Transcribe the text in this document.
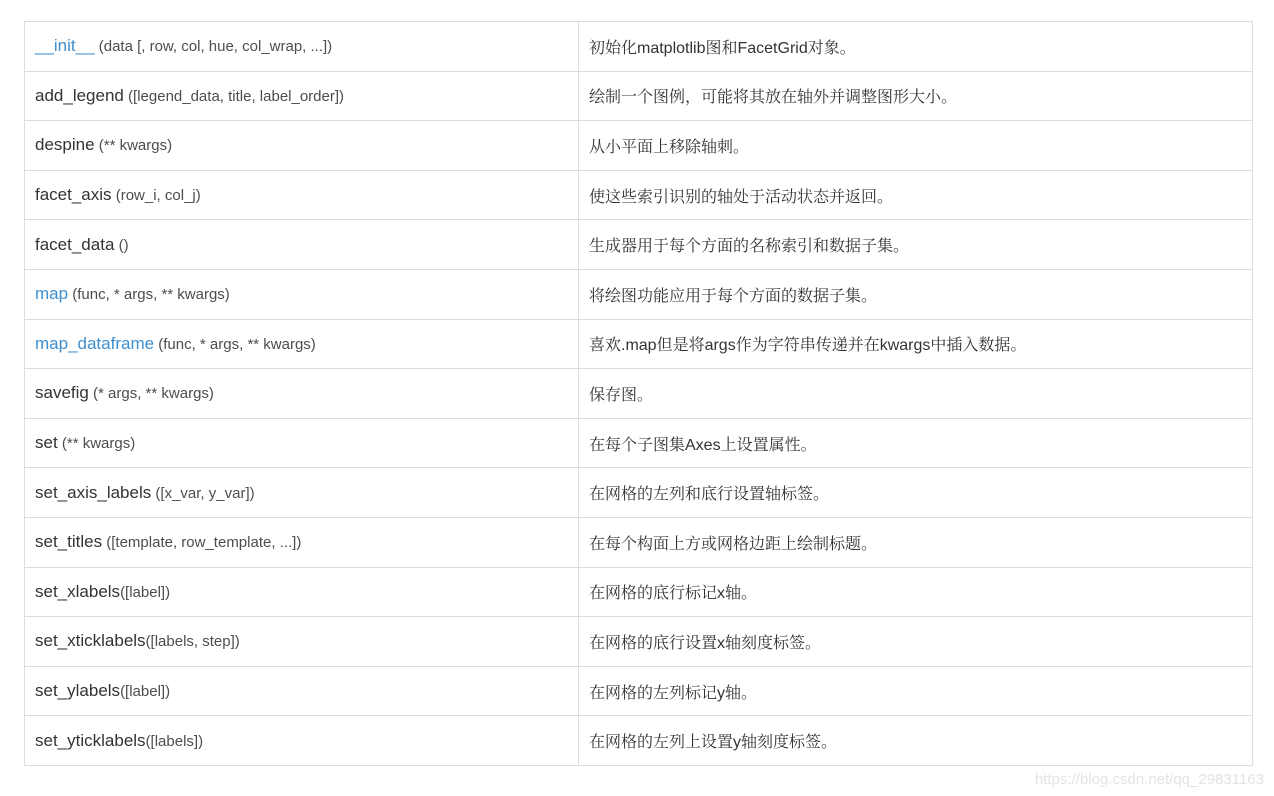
__init__ (data [, row, col, hue, col_wrap, ...])	初始化matplotlib图和FacetGrid对象。
add_legend ([legend_data, title, label_order])	绘制一个图例，可能将其放在轴外并调整图形大小。
despine (** kwargs)	从小平面上移除轴刺。
facet_axis (row_i, col_j)	使这些索引识别的轴处于活动状态并返回。
facet_data ()	生成器用于每个方面的名称索引和数据子集。
map (func, * args, ** kwargs)	将绘图功能应用于每个方面的数据子集。
map_dataframe (func, * args, ** kwargs)	喜欢.map但是将args作为字符串传递并在kwargs中插入数据。
savefig (* args, ** kwargs)	保存图。
set (** kwargs)	在每个子图集Axes上设置属性。
set_axis_labels ([x_var, y_var])	在网格的左列和底行设置轴标签。
set_titles ([template, row_template, ...])	在每个构面上方或网格边距上绘制标题。
set_xlabels([label])	在网格的底行标记x轴。
set_xticklabels([labels, step])	在网格的底行设置x轴刻度标签。
set_ylabels([label])	在网格的左列标记y轴。
set_yticklabels([labels])	在网格的左列上设置y轴刻度标签。
https://blog.csdn.net/qq_29831163
